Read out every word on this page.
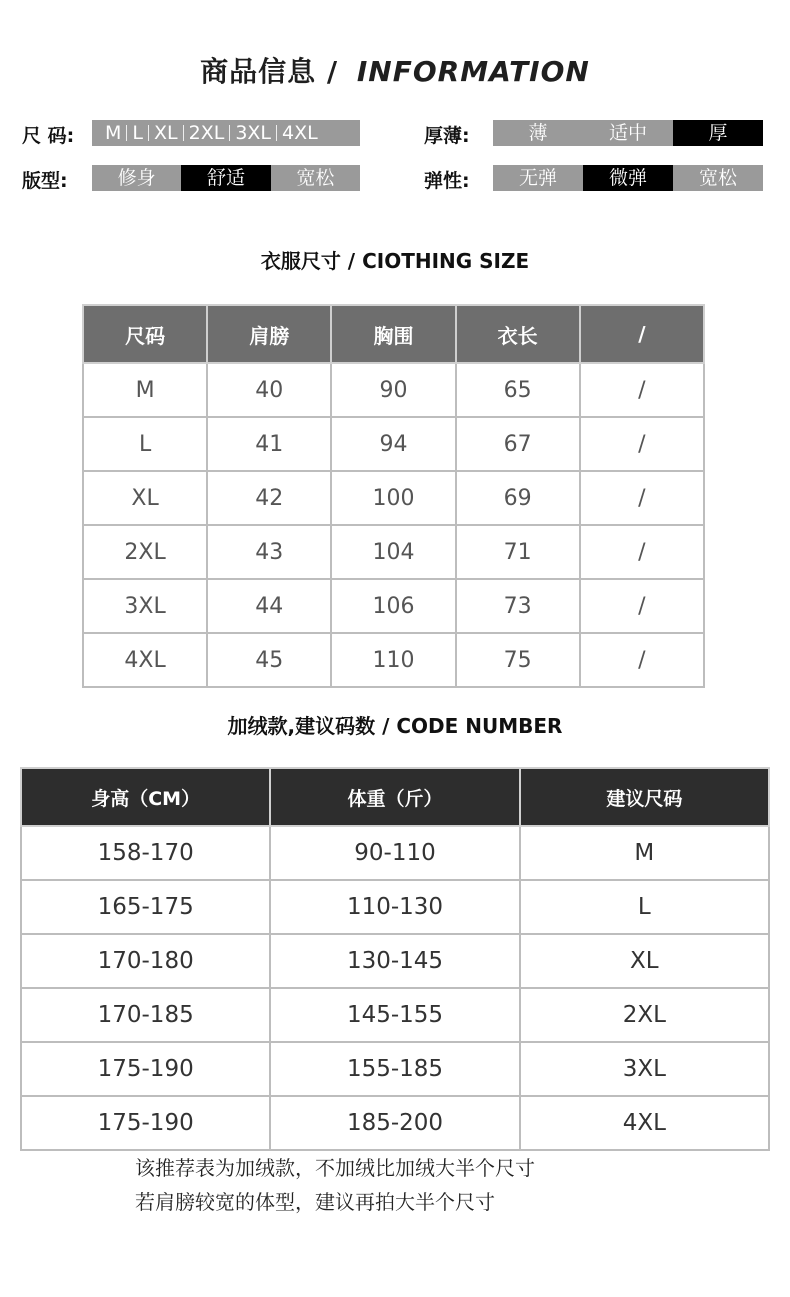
商品信息 / INFORMATION
尺 码: M L XL 2XL 3XL 4XL	厚薄:	薄	适中	厚
版型:	修身	舒适	宽松	弹性:	无弹	微弹	宽松
衣服尺寸 / CIOTHING SIZE
尺码	肩膀	胸围	衣长	/
M	40	90	65	/
L	41	94	67	/
XL	42	100	69	/
2XL	43	104	71	/
3XL	44	106	73	/
4XL	45	110	75	/
加绒款,建议码数 / CODE NUMBER
身高（CM）	体重（斤）	建议尺码
158-170	90-110	M
165-175	110-130	L
170-180	130-145	XL
170-185	145-155	2XL
175-190	155-185	3XL
175-190	185-200	4XL
该推荐表为加绒款，不加绒比加绒大半个尺寸
若肩膀较宽的体型，建议再拍大半个尺寸
